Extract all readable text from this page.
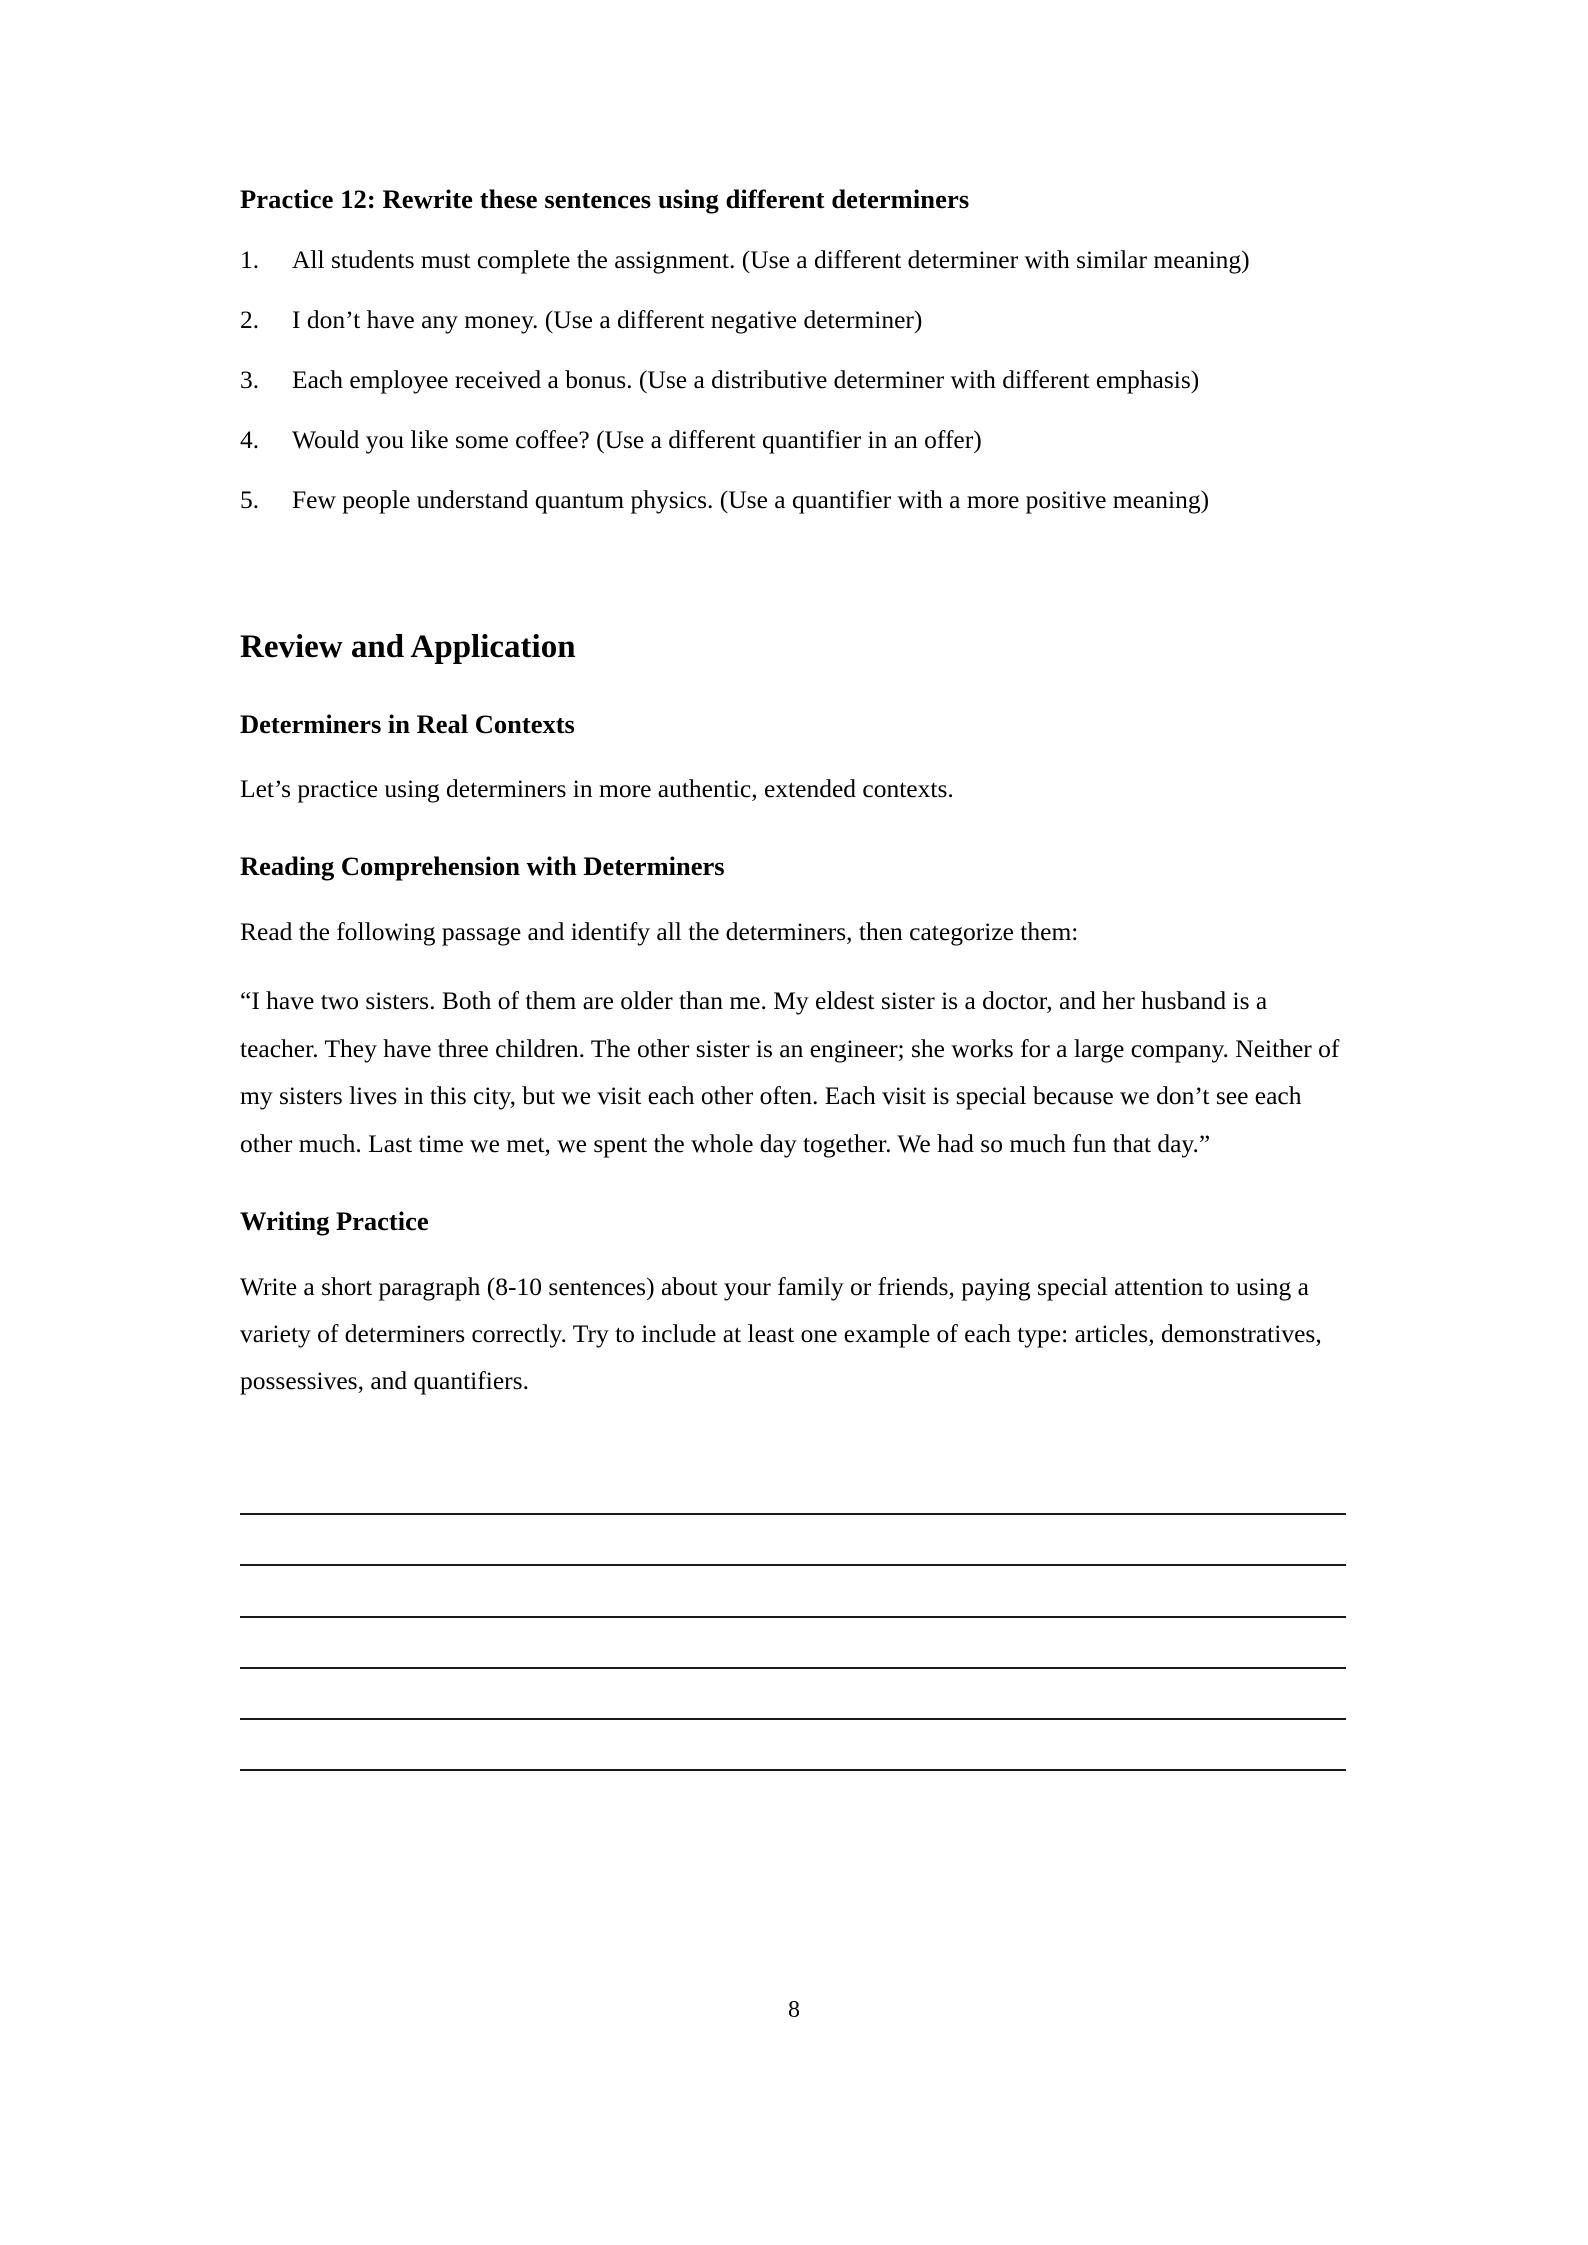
Practice 12: Rewrite these sentences using different determiners
1.	All students must complete the assignment. (Use a different determiner with similar meaning)
2.	I don’t have any money. (Use a different negative determiner)
3.	Each employee received a bonus. (Use a distributive determiner with different emphasis)
4.	Would you like some coffee? (Use a different quantifier in an offer)
5.	Few people understand quantum physics. (Use a quantifier with a more positive meaning)
Review and Application
Determiners in Real Contexts

Let’s practice using determiners in more authentic, extended contexts.

Reading Comprehension with Determiners

Read the following passage and identify all the determiners, then categorize them:

“I have two sisters. Both of them are older than me. My eldest sister is a doctor, and her husband is a teacher. They have three children. The other sister is an engineer; she works for a large company. Neither of my sisters lives in this city, but we visit each other often. Each visit is special because we don’t see each other much. Last time we met, we spent the whole day together. We had so much fun that day.”

Writing Practice

Write a short paragraph (8-10 sentences) about your family or friends, paying special attention to using a variety of determiners correctly. Try to include at least one example of each type: articles, demonstratives, possessives, and quantifiers.

8
